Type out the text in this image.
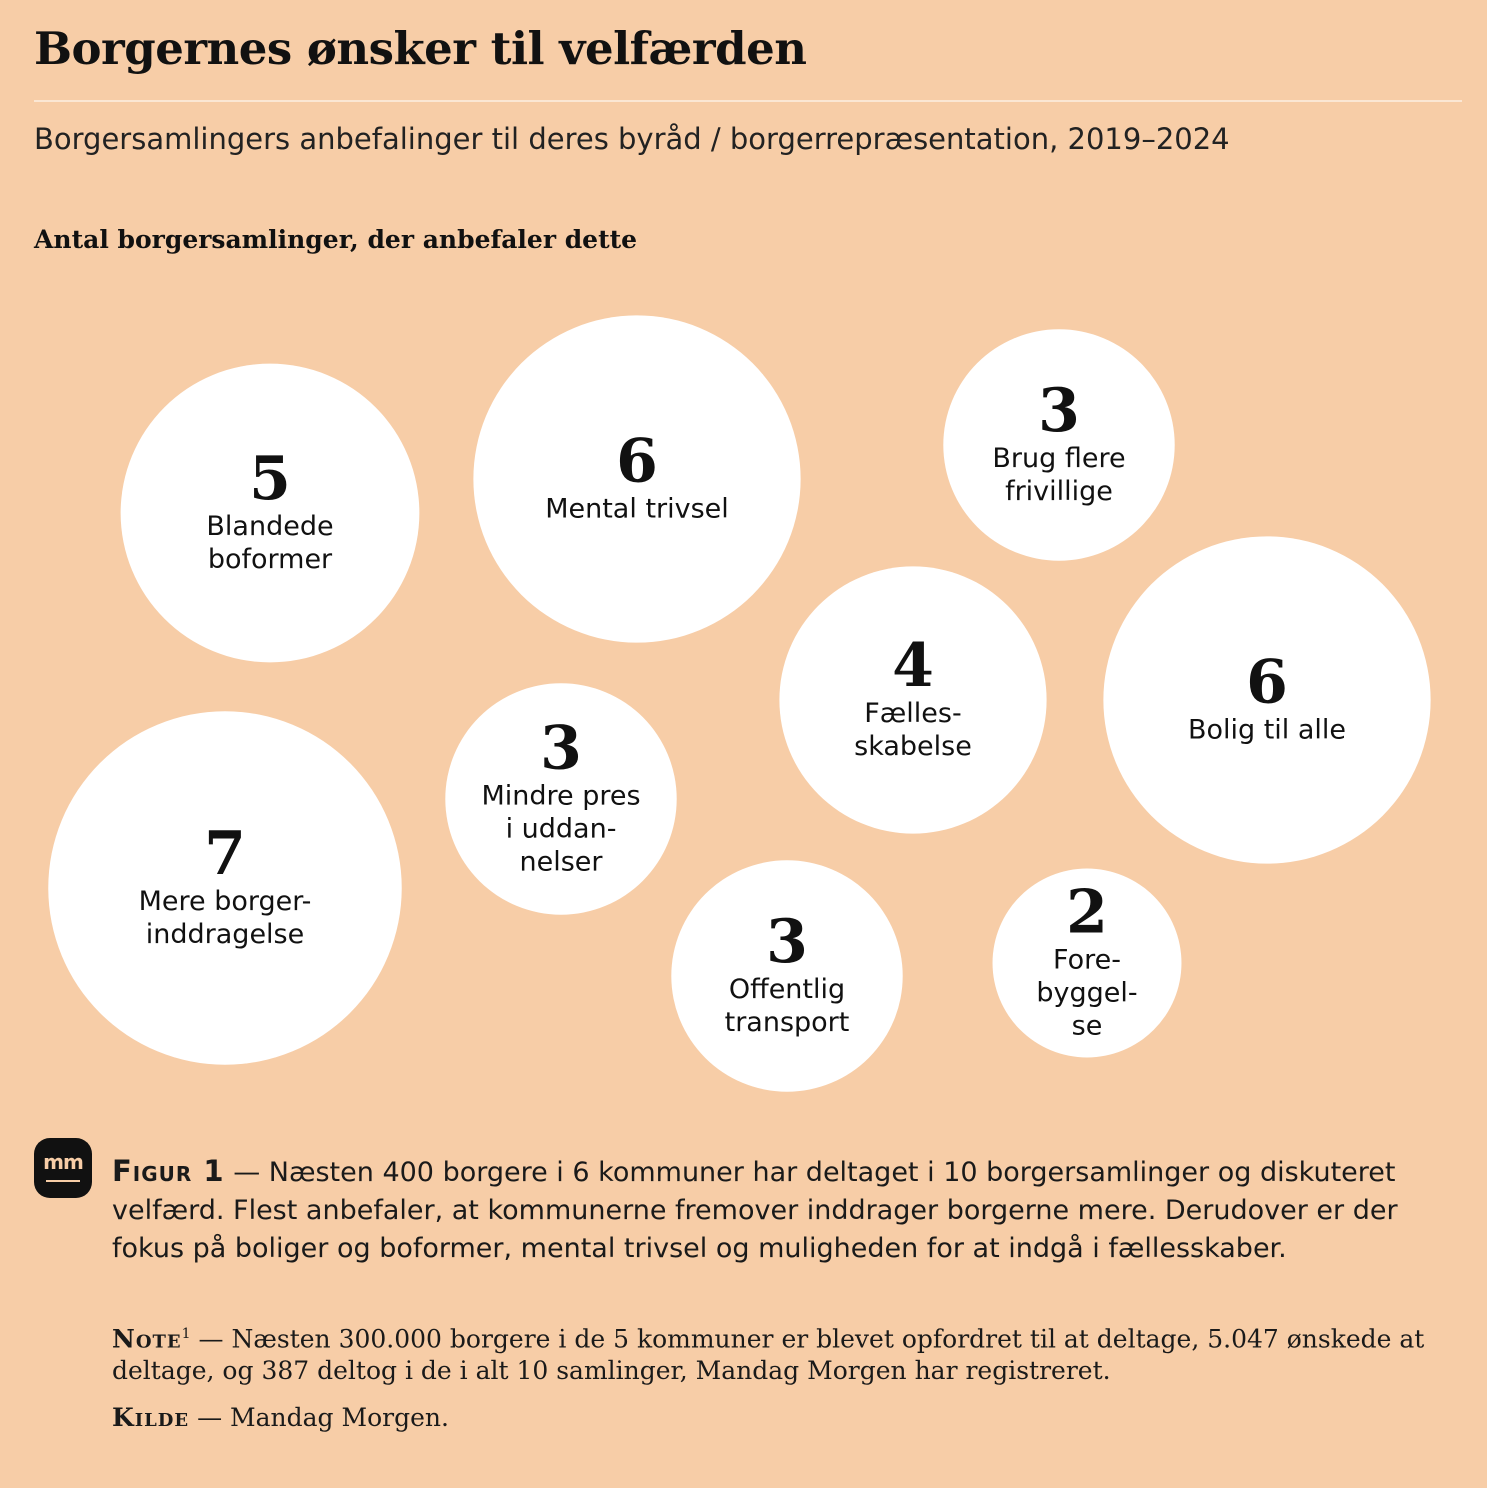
Borgernes ønsker til velfærden
Borgersamlingers anbefalinger til deres byråd / borgerrepræsentation, 2019–2024
Antal borgersamlinger, der anbefaler dette
5
Blandede
boformer
6
Mental trivsel
3
Brug flere
frivillige
4
Fælles-
skabelse
6
Bolig til alle
3
Mindre pres
i uddan-
nelser
7
Mere borger-
inddragelse	3
Offentlig
transport
2
Fore-
byggel-
se
mm	Figur 1 — Næsten 400 borgere i 6 kommuner har deltaget i 10 borgersamlinger og diskuteret velfærd. Flest anbefaler, at kommunerne fremover inddrager borgerne mere. Derudover er der fokus på boliger og boformer, mental trivsel og muligheden for at indgå i fællesskaber.

Note$^1$ — Næsten 300.000 borgere i de 5 kommuner er blevet opfordret til at deltage, 5.047 ønskede at deltage, og 387 deltog i de i alt 10 samlinger, Mandag Morgen har registreret.

Kilde — Mandag Morgen.
